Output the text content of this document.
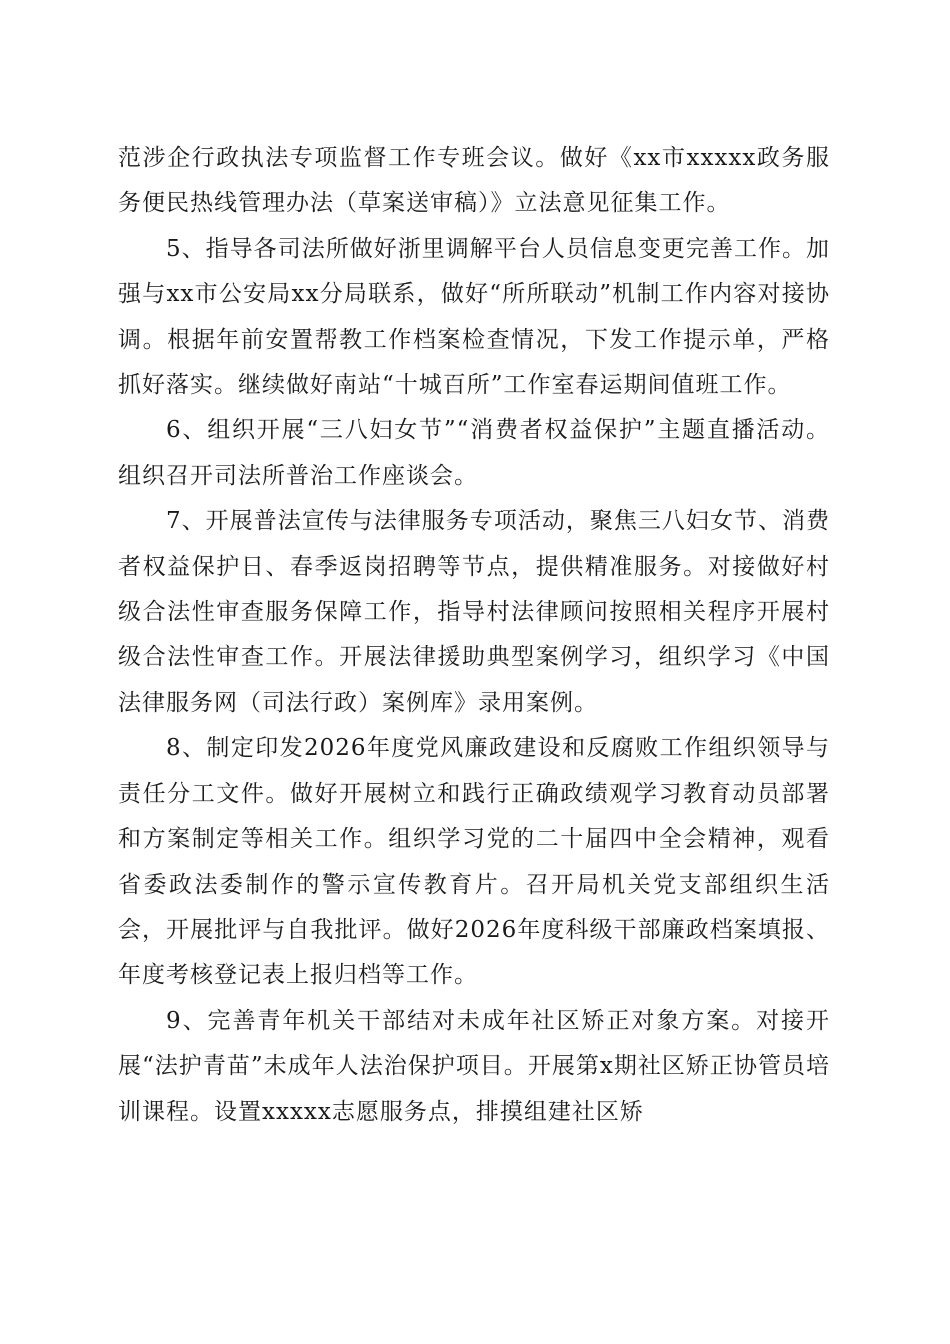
范涉企行政执法专项监督工作专班会议。做好《xx市xxxxx政务服务便民热线管理办法（草案送审稿）》立法意见征集工作。

5、指导各司法所做好浙里调解平台人员信息变更完善工作。加强与xx市公安局xx分局联系，做好“所所联动”机制工作内容对接协调。根据年前安置帮教工作档案检查情况，下发工作提示单，严格抓好落实。继续做好南站“十城百所”工作室春运期间值班工作。

6、组织开展“三八妇女节”“消费者权益保护”主题直播活动。组织召开司法所普治工作座谈会。

7、开展普法宣传与法律服务专项活动，聚焦三八妇女节、消费者权益保护日、春季返岗招聘等节点，提供精准服务。对接做好村级合法性审查服务保障工作，指导村法律顾问按照相关程序开展村级合法性审查工作。开展法律援助典型案例学习，组织学习《中国法律服务网（司法行政）案例库》录用案例。

8、制定印发2026年度党风廉政建设和反腐败工作组织领导与责任分工文件。做好开展树立和践行正确政绩观学习教育动员部署和方案制定等相关工作。组织学习党的二十届四中全会精神，观看省委政法委制作的警示宣传教育片。召开局机关党支部组织生活会，开展批评与自我批评。做好2026年度科级干部廉政档案填报、年度考核登记表上报归档等工作。

9、完善青年机关干部结对未成年社区矫正对象方案。对接开展“法护青苗”未成年人法治保护项目。开展第x期社区矫正协管员培训课程。设置xxxxx志愿服务点，排摸组建社区矫
